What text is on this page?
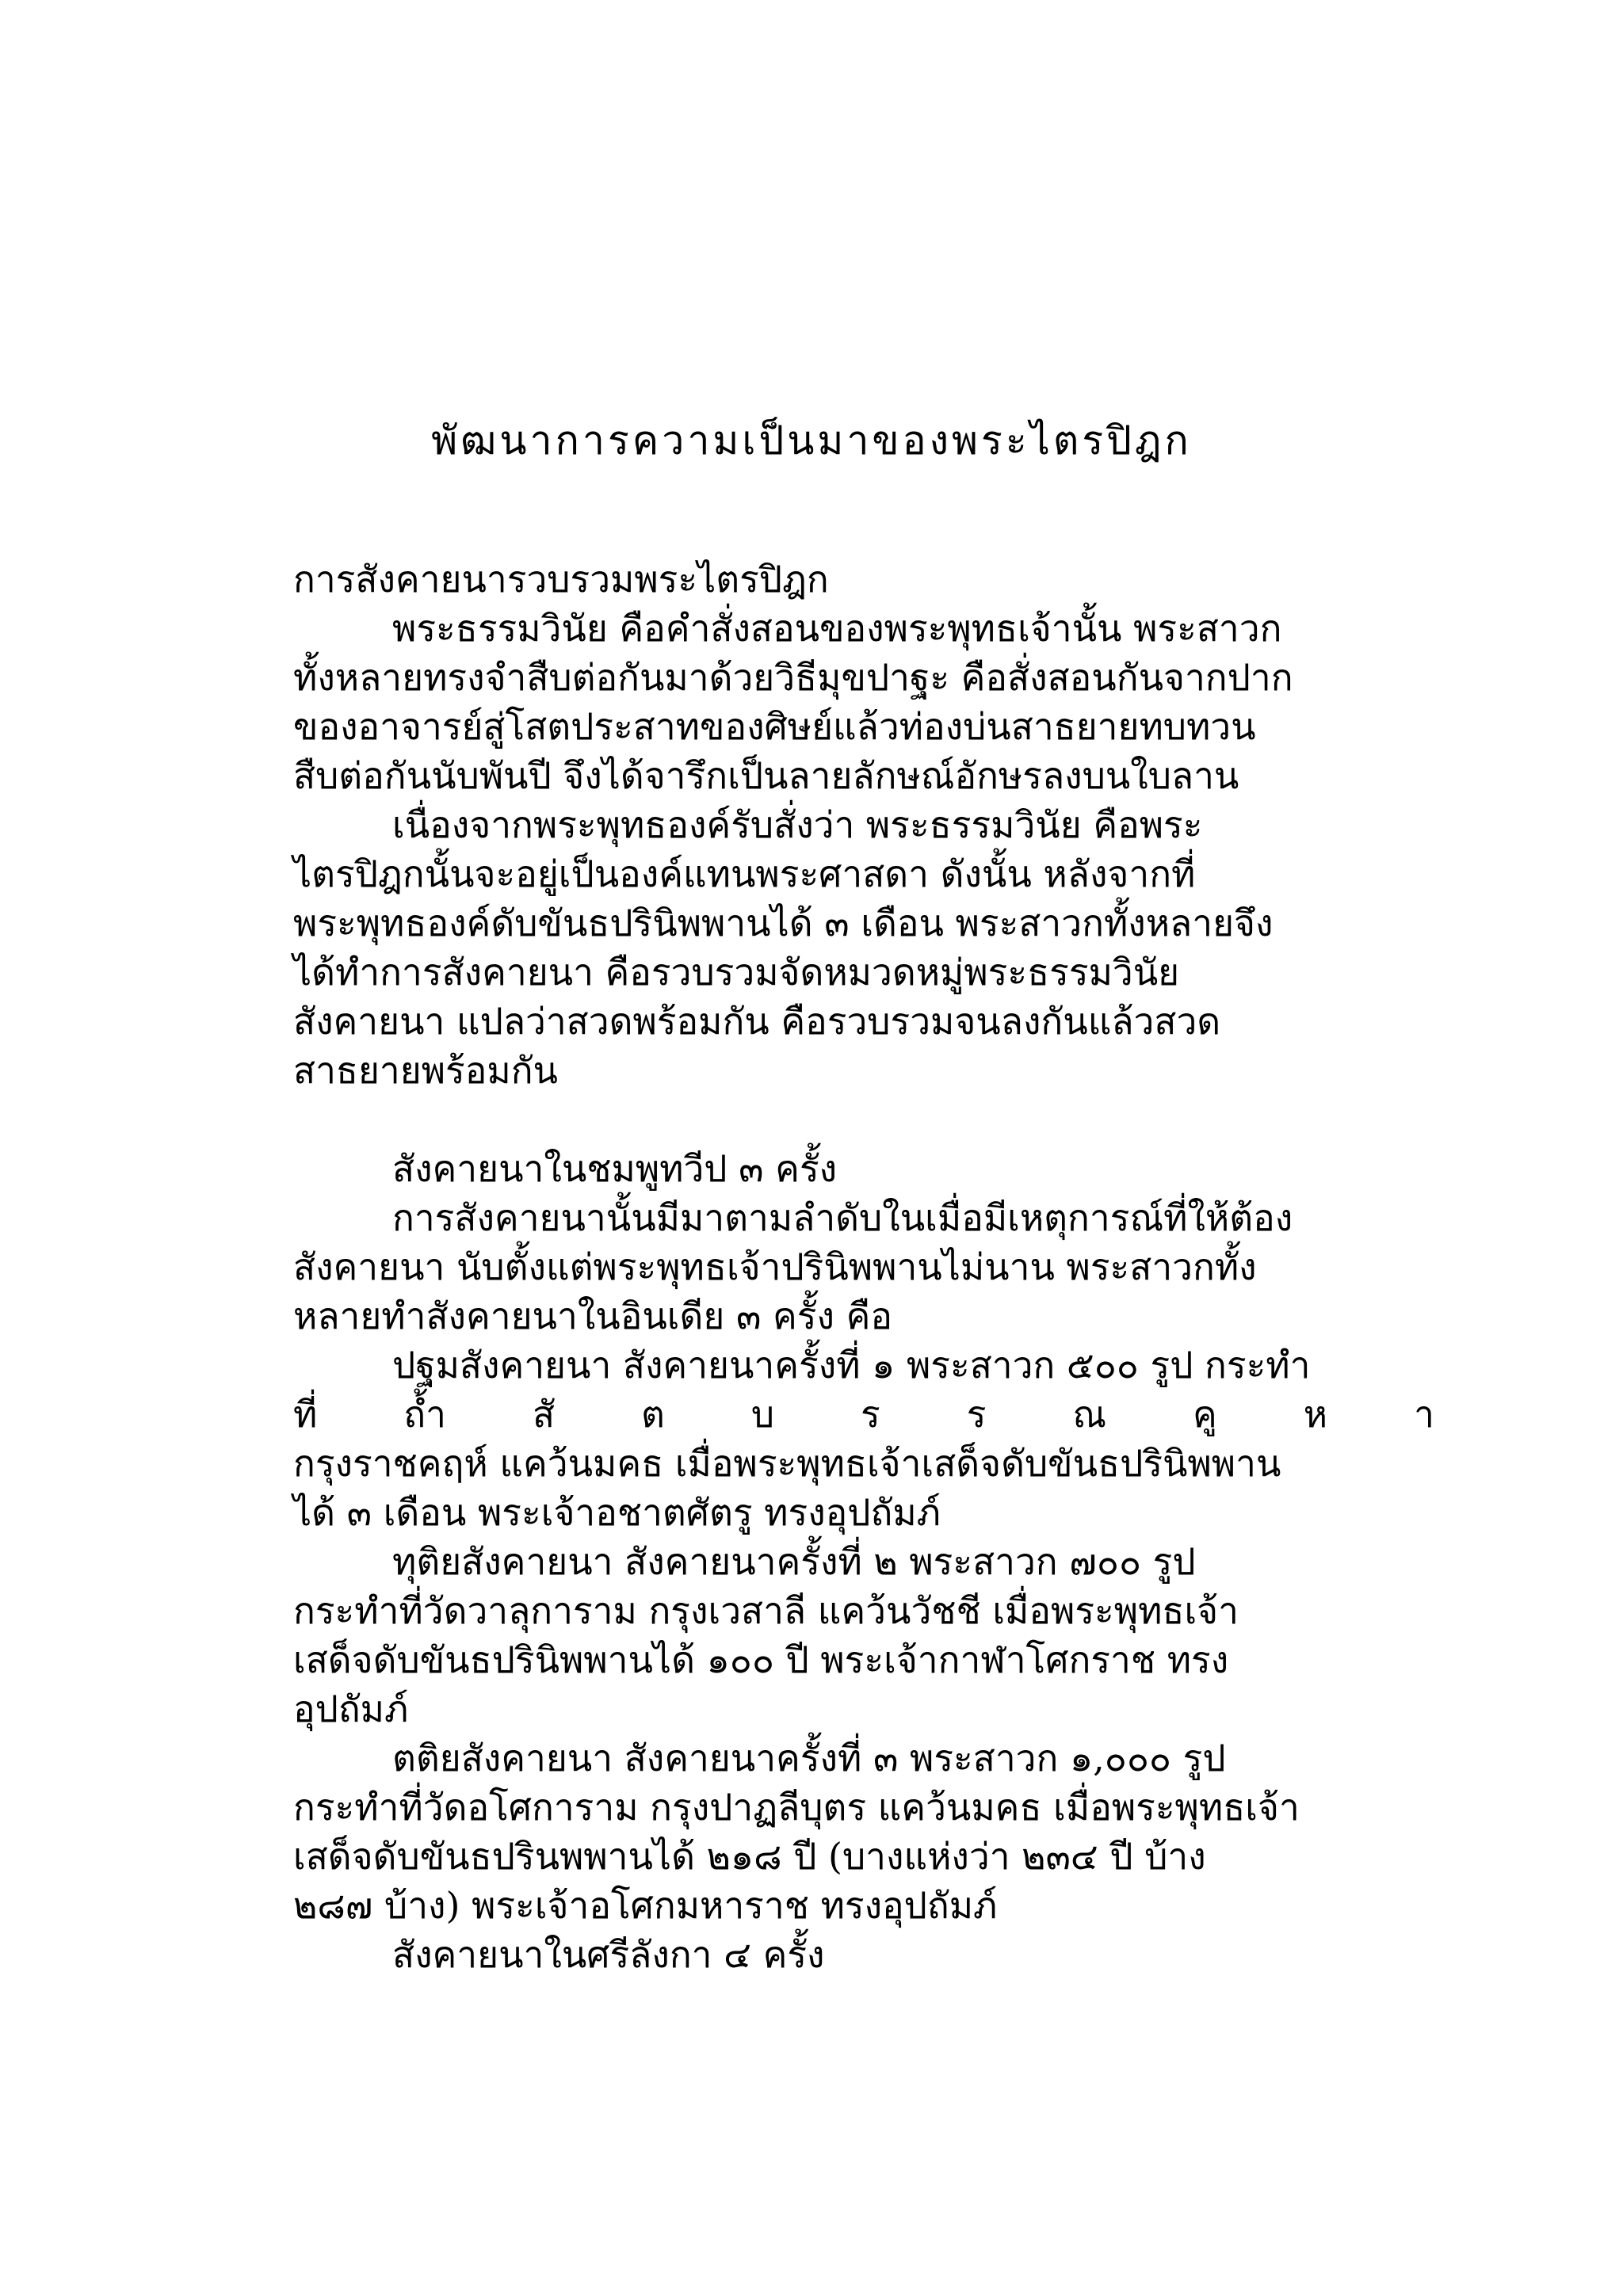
พัฒนาการความเป็นมาของพระไตรปิฎก
การสังคายนารวบรวมพระไตรปิฎก
พระธรรมวินัย คือคำสั่งสอนของพระพุทธเจ้านั้น พระสาวก
ทั้งหลายทรงจำสืบต่อกันมาด้วยวิธีมุขปาฐะ คือสั่งสอนกันจากปาก
ของอาจารย์สู่โสตประสาทของศิษย์แล้วท่องบ่นสาธยายทบทวน
สืบต่อกันนับพันปี จึงได้จารึกเป็นลายลักษณ์อักษรลงบนใบลาน
เนื่องจากพระพุทธองค์รับสั่งว่า พระธรรมวินัย คือพระ
ไตรปิฎกนั้นจะอยู่เป็นองค์แทนพระศาสดา ดังนั้น หลังจากที่
พระพุทธองค์ดับขันธปรินิพพานได้ ๓ เดือน พระสาวกทั้งหลายจึง
ได้ทำการสังคายนา คือรวบรวมจัดหมวดหมู่พระธรรมวินัย
สังคายนา แปลว่าสวดพร้อมกัน คือรวบรวมจนลงกันแล้วสวด
สาธยายพร้อมกัน
สังคายนาในชมพูทวีป ๓ ครั้ง
การสังคายนานั้นมีมาตามลำดับในเมื่อมีเหตุการณ์ที่ให้ต้อง
สังคายนา นับตั้งแต่พระพุทธเจ้าปรินิพพานไม่นาน พระสาวกทั้ง
หลายทำสังคายนาในอินเดีย ๓ ครั้ง คือ
ปฐมสังคายนา สังคายนาครั้งที่ ๑ พระสาวก ๕๐๐ รูป กระทำ
ที่ ถ้ำ สั ต บ ร ร ณ คู ห า
กรุงราชคฤห์ แคว้นมคธ เมื่อพระพุทธเจ้าเสด็จดับขันธปรินิพพาน
ได้ ๓ เดือน พระเจ้าอชาตศัตรู ทรงอุปถัมภ์
ทุติยสังคายนา สังคายนาครั้งที่ ๒ พระสาวก ๗๐๐ รูป
กระทำที่วัดวาลุการาม กรุงเวสาลี แคว้นวัชชี เมื่อพระพุทธเจ้า
เสด็จดับขันธปรินิพพานได้ ๑๐๐ ปี พระเจ้ากาฬาโศกราช ทรง
อุปถัมภ์
ตติยสังคายนา สังคายนาครั้งที่ ๓ พระสาวก ๑,๐๐๐ รูป
กระทำที่วัดอโศการาม กรุงปาฏลีบุตร แคว้นมคธ เมื่อพระพุทธเจ้า
เสด็จดับขันธปรินพพานได้ ๒๑๘ ปี (บางแห่งว่า ๒๓๔ ปี บ้าง
๒๘๗ บ้าง) พระเจ้าอโศกมหาราช ทรงอุปถัมภ์
สังคายนาในศรีลังกา ๔ ครั้ง
